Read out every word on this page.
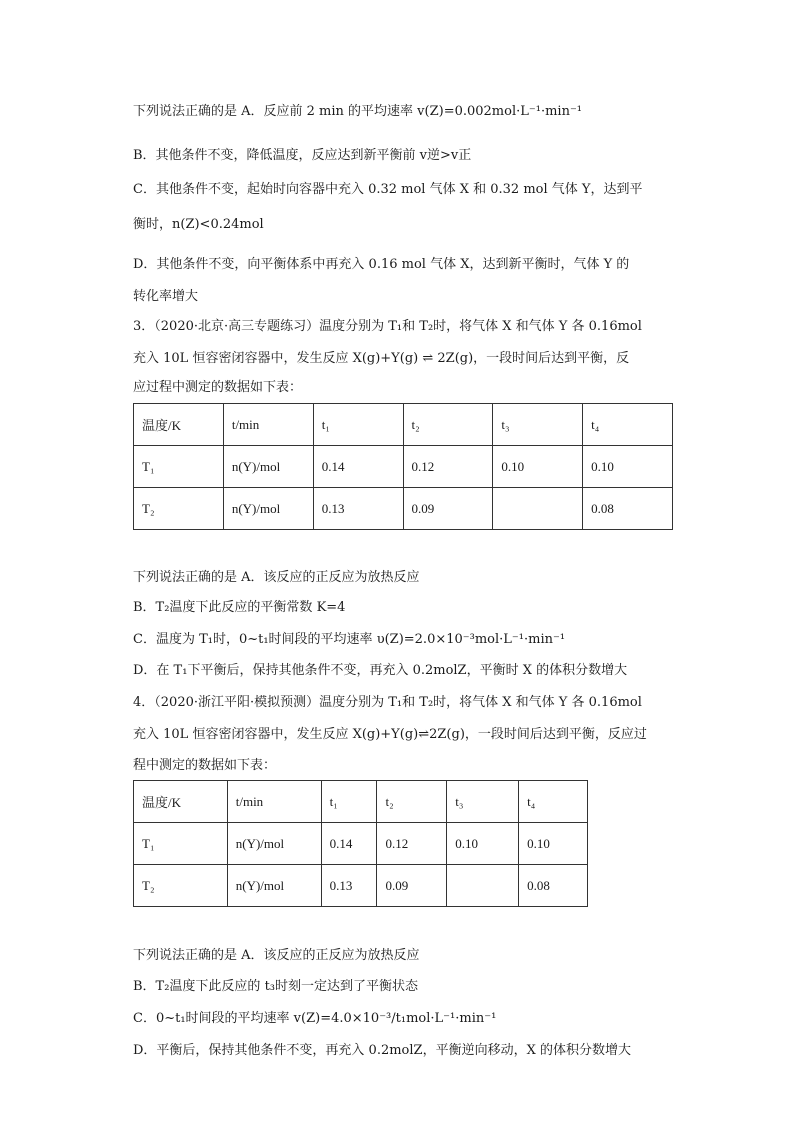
下列说法正确的是 A．反应前 2 min 的平均速率 v(Z)=0.002mol·L⁻¹·min⁻¹
B．其他条件不变，降低温度，反应达到新平衡前 v逆>v正
C．其他条件不变，起始时向容器中充入 0.32 mol 气体 X 和 0.32 mol 气体 Y，达到平
衡时，n(Z)<0.24mol
D．其他条件不变，向平衡体系中再充入 0.16 mol 气体 X，达到新平衡时，气体 Y 的
转化率增大
3．（2020·北京·高三专题练习）温度分别为 T₁和 T₂时，将气体 X 和气体 Y 各 0.16mol
充入 10L 恒容密闭容器中，发生反应 X(g)+Y(g) ⇌ 2Z(g)，一段时间后达到平衡，反
应过程中测定的数据如下表：
温度/K	t/min	t₁	t₂	t₃	t₄
T₁	n(Y)/mol	0.14	0.12	0.10	0.10
T₂	n(Y)/mol	0.13	0.09		0.08
下列说法正确的是 A．该反应的正反应为放热反应
B．T₂温度下此反应的平衡常数 K=4
C．温度为 T₁时，0~t₁时间段的平均速率 υ(Z)=2.0×10⁻³mol·L⁻¹·min⁻¹
D．在 T₁下平衡后，保持其他条件不变，再充入 0.2molZ，平衡时 X 的体积分数增大
4．（2020·浙江平阳·模拟预测）温度分别为 T₁和 T₂时，将气体 X 和气体 Y 各 0.16mol
充入 10L 恒容密闭容器中，发生反应 X(g)+Y(g)⇌2Z(g)，一段时间后达到平衡，反应过
程中测定的数据如下表：
温度/K	t/min	t₁	t₂	t₃	t₄
T₁	n(Y)/mol	0.14	0.12	0.10	0.10
T₂	n(Y)/mol	0.13	0.09		0.08
下列说法正确的是 A．该反应的正反应为放热反应
B．T₂温度下此反应的 t₃时刻一定达到了平衡状态
C．0~t₁时间段的平均速率 v(Z)=4.0×10⁻³/t₁mol·L⁻¹·min⁻¹
D．平衡后，保持其他条件不变，再充入 0.2molZ，平衡逆向移动，X 的体积分数增大
